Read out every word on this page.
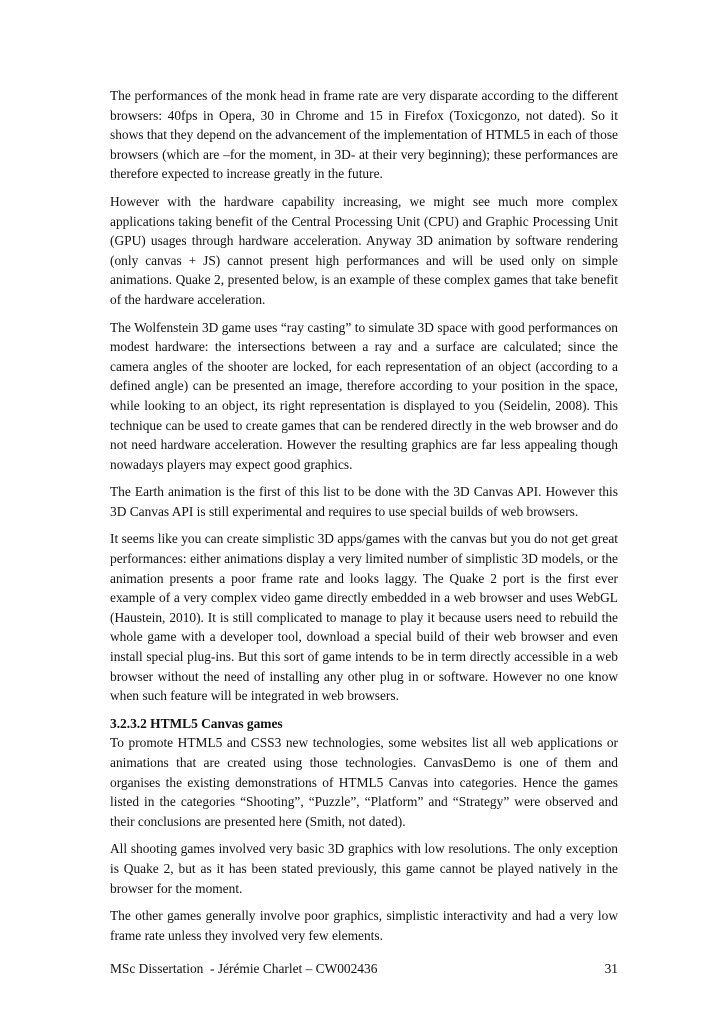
The performances of the monk head in frame rate are very disparate according to the different browsers: 40fps in Opera, 30 in Chrome and 15 in Firefox (Toxicgonzo, not dated). So it shows that they depend on the advancement of the implementation of HTML5 in each of those browsers (which are –for the moment, in 3D- at their very beginning); these performances are therefore expected to increase greatly in the future.

However with the hardware capability increasing, we might see much more complex applications taking benefit of the Central Processing Unit (CPU) and Graphic Processing Unit (GPU) usages through hardware acceleration. Anyway 3D animation by software rendering (only canvas + JS) cannot present high performances and will be used only on simple animations. Quake 2, presented below, is an example of these complex games that take benefit of the hardware acceleration.

The Wolfenstein 3D game uses “ray casting” to simulate 3D space with good performances on modest hardware: the intersections between a ray and a surface are calculated; since the camera angles of the shooter are locked, for each representation of an object (according to a defined angle) can be presented an image, therefore according to your position in the space, while looking to an object, its right representation is displayed to you (Seidelin, 2008). This technique can be used to create games that can be rendered directly in the web browser and do not need hardware acceleration. However the resulting graphics are far less appealing though nowadays players may expect good graphics.

The Earth animation is the first of this list to be done with the 3D Canvas API. However this 3D Canvas API is still experimental and requires to use special builds of web browsers.

It seems like you can create simplistic 3D apps/games with the canvas but you do not get great performances: either animations display a very limited number of simplistic 3D models, or the animation presents a poor frame rate and looks laggy. The Quake 2 port is the first ever example of a very complex video game directly embedded in a web browser and uses WebGL (Haustein, 2010). It is still complicated to manage to play it because users need to rebuild the whole game with a developer tool, download a special build of their web browser and even install special plug-ins. But this sort of game intends to be in term directly accessible in a web browser without the need of installing any other plug in or software. However no one know when such feature will be integrated in web browsers.

3.2.3.2 HTML5 Canvas games

To promote HTML5 and CSS3 new technologies, some websites list all web applications or animations that are created using those technologies. CanvasDemo is one of them and organises the existing demonstrations of HTML5 Canvas into categories. Hence the games listed in the categories “Shooting”, “Puzzle”, “Platform” and “Strategy” were observed and their conclusions are presented here (Smith, not dated).

All shooting games involved very basic 3D graphics with low resolutions. The only exception is Quake 2, but as it has been stated previously, this game cannot be played natively in the browser for the moment.

The other games generally involve poor graphics, simplistic interactivity and had a very low frame rate unless they involved very few elements.

MSc Dissertation  - Jérémie Charlet – CW002436	31
